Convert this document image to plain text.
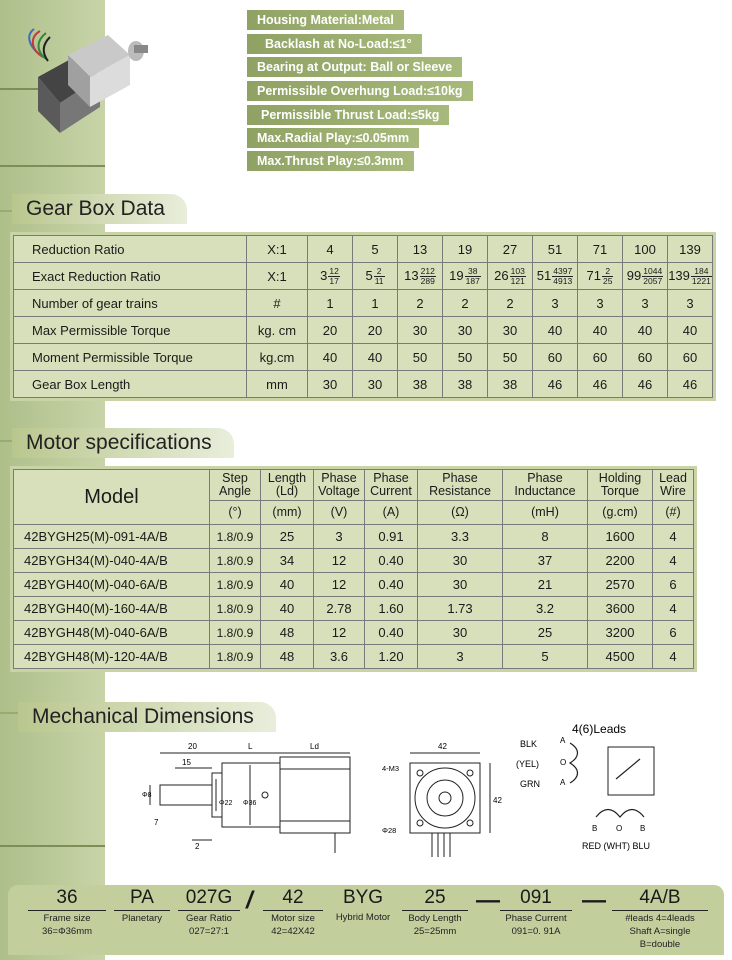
Housing Material:Metal
Backlash at No-Load:≤1°
Bearing at Output: Ball or Sleeve
Permissible Overhung Load:≤10kg
Permissible Thrust Load:≤5kg
Max.Radial Play:≤0.05mm
Max.Thrust Play:≤0.3mm
Gear Box Data
Reduction Ratio	X:1	4	5	13	19	27	51	71	100	139
Exact Reduction Ratio	X:1	$3 \frac{12}{17}$	$5 \frac{2}{11}$	$13 \frac{212}{289}$	$19 \frac{38}{187}$	$26 \frac{103}{121}$	$51 \frac{4397}{4913}$	$71 \frac{2}{25}$	$99 \frac{1044}{2057}$	$139 \frac{184}{1221}$

Number of gear trains	#	1	1	2	2	2	3	3	3	3
Max Permissible Torque	kg. cm	20	20	30	30	30	40	40	40	40
Moment Permissible Torque	kg.cm	40	40	50	50	50	60	60	60	60
Gear Box Length	mm	30	30	38	38	38	46	46	46	46
Motor specifications
Model	Step Angle	Length (Ld)	Phase Voltage	Phase Current	Phase Resistance	Phase Inductance	Holding Torque	Lead Wire
	(°)	(mm)	(V)	(A)	(Ω)	(mH)	(g.cm)	(#)
42BYGH25(M)-091-4A/B	1.8/0.9	25	3	0.91	3.3	8	1600	4
42BYGH34(M)-040-4A/B	1.8/0.9	34	12	0.40	30	37	2200	4
42BYGH40(M)-040-6A/B	1.8/0.9	40	12	0.40	30	21	2570	6
42BYGH40(M)-160-4A/B	1.8/0.9	40	2.78	1.60	1.73	3.2	3600	4
42BYGH48(M)-040-6A/B	1.8/0.9	48	12	0.40	30	25	3200	6
42BYGH48(M)-120-4A/B	1.8/0.9	48	3.6	1.20	3	5	4500	4
Mechanical Dimensions
20	L	Ld
15
Φ8
Φ22 Φ36
7
2
42
42
4-M3
Φ28
4(6)Leads
BLK
(YEL)
GRN
A
O
A
B O B
RED (WHT) BLU
36
Frame size
36=Φ36mm
PA
Planetary
027G
Gear Ratio
027=27:1
/	42
Motor size
42=42X42
BYG
Hybrid Motor
25
Body Length
25=25mm
—	091
Phase Current
091=0. 91A
—	4A/B
#leads 4=4leads
Shaft A=single
B=double
